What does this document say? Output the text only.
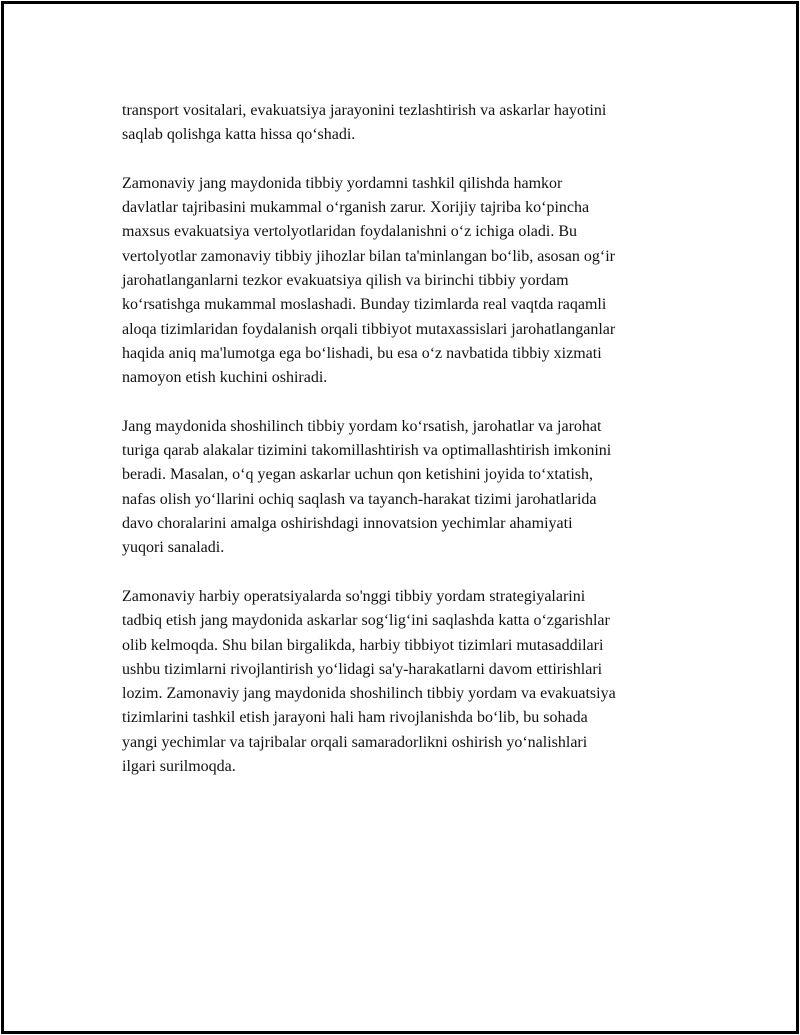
transport vositalari, evakuatsiya jarayonini tezlashtirish va askarlar hayotini
saqlab qolishga katta hissa qo‘shadi.

Zamonaviy jang maydonida tibbiy yordamni tashkil qilishda hamkor
davlatlar tajribasini mukammal o‘rganish zarur. Xorijiy tajriba ko‘pincha
maxsus evakuatsiya vertolyotlaridan foydalanishni o‘z ichiga oladi. Bu
vertolyotlar zamonaviy tibbiy jihozlar bilan ta'minlangan bo‘lib, asosan og‘ir
jarohatlanganlarni tezkor evakuatsiya qilish va birinchi tibbiy yordam
ko‘rsatishga mukammal moslashadi. Bunday tizimlarda real vaqtda raqamli
aloqa tizimlaridan foydalanish orqali tibbiyot mutaxassislari jarohatlanganlar
haqida aniq ma'lumotga ega bo‘lishadi, bu esa o‘z navbatida tibbiy xizmati
namoyon etish kuchini oshiradi.

Jang maydonida shoshilinch tibbiy yordam ko‘rsatish, jarohatlar va jarohat
turiga qarab alakalar tizimini takomillashtirish va optimallashtirish imkonini
beradi. Masalan, o‘q yegan askarlar uchun qon ketishini joyida to‘xtatish,
nafas olish yo‘llarini ochiq saqlash va tayanch-harakat tizimi jarohatlarida
davo choralarini amalga oshirishdagi innovatsion yechimlar ahamiyati
yuqori sanaladi.

Zamonaviy harbiy operatsiyalarda so'nggi tibbiy yordam strategiyalarini
tadbiq etish jang maydonida askarlar sog‘lig‘ini saqlashda katta o‘zgarishlar
olib kelmoqda. Shu bilan birgalikda, harbiy tibbiyot tizimlari mutasaddilari
ushbu tizimlarni rivojlantirish yo‘lidagi sa'y-harakatlarni davom ettirishlari
lozim. Zamonaviy jang maydonida shoshilinch tibbiy yordam va evakuatsiya
tizimlarini tashkil etish jarayoni hali ham rivojlanishda bo‘lib, bu sohada
yangi yechimlar va tajribalar orqali samaradorlikni oshirish yo‘nalishlari
ilgari surilmoqda.
